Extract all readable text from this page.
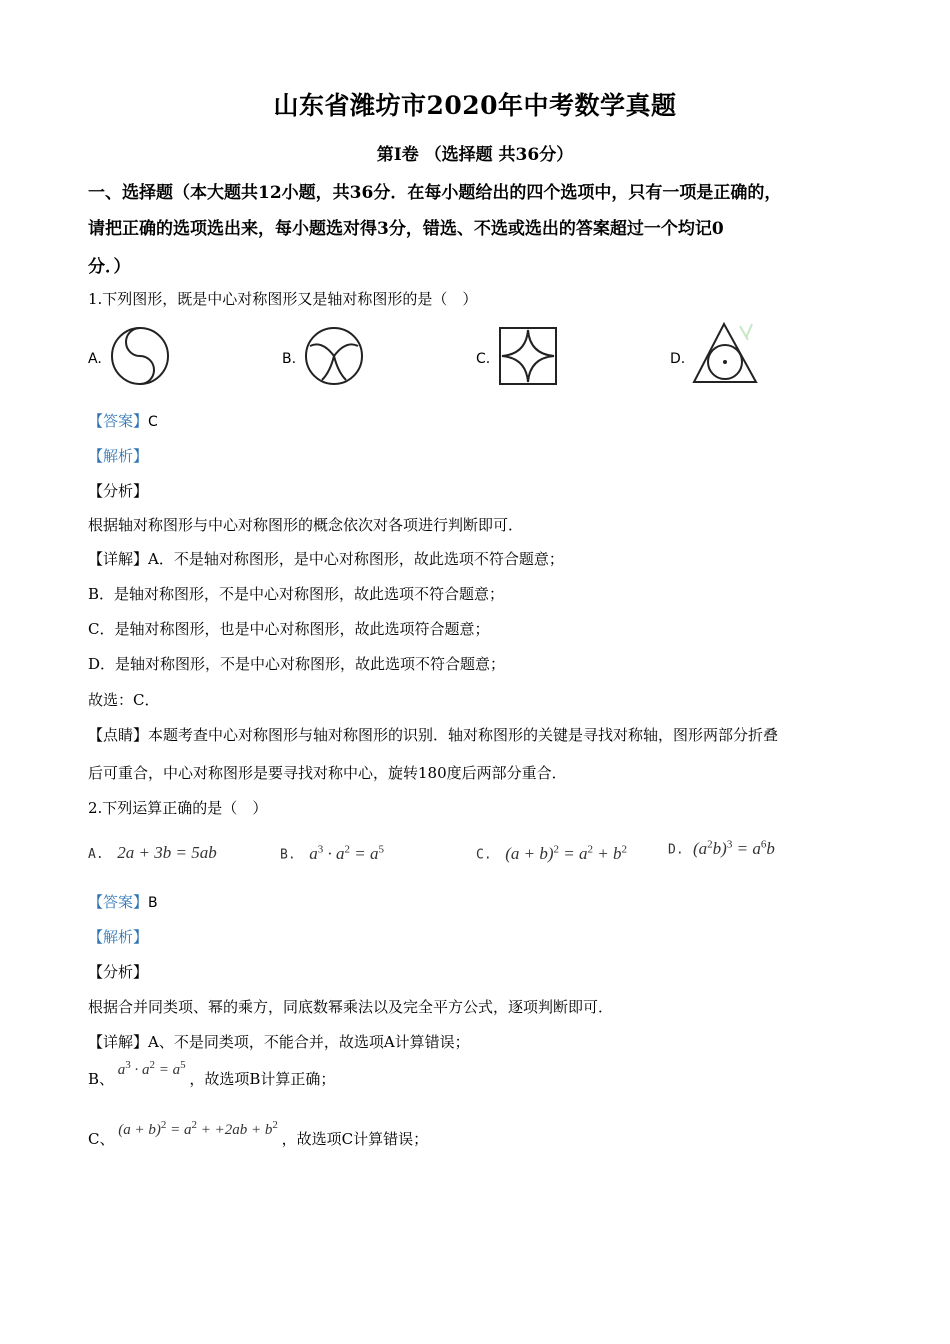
山东省潍坊市2020年中考数学真题
第Ⅰ卷 （选择题 共36分）
一、选择题（本大题共12小题，共36分．在每小题给出的四个选项中，只有一项是正确的，
请把正确的选项选出来，每小题选对得3分，错选、不选或选出的答案超过一个均记0
分．）
1.下列图形，既是中心对称图形又是轴对称图形的是（　）
A.	B.	C.	D.
【答案】C
【解析】
【分析】
根据轴对称图形与中心对称图形的概念依次对各项进行判断即可．
【详解】A．不是轴对称图形，是中心对称图形，故此选项不符合题意；
B．是轴对称图形，不是中心对称图形，故此选项不符合题意；
C．是轴对称图形，也是中心对称图形，故此选项符合题意；
D．是轴对称图形，不是中心对称图形，故此选项不符合题意；
故选：C．
【点睛】本题考查中心对称图形与轴对称图形的识别．轴对称图形的关键是寻找对称轴，图形两部分折叠
后可重合，中心对称图形是要寻找对称中心，旋转180度后两部分重合．
2.下列运算正确的是（　）
A.   2a + 3b = 5ab	B.   $a^3 \cdot a^2 = a^5$	C.   $(a + b)^2 = a^2 + b^2$	D.  $(a^2b)^3 = a^6b$
【答案】B
【解析】
【分析】
根据合并同类项、幂的乘方，同底数幂乘法以及完全平方公式，逐项判断即可．
【详解】A、不是同类项，不能合并，故选项A计算错误；
B、 $a^3 \cdot a^2 = a^5$ ，故选项B计算正确；
C、 $(a + b)^2 = a^2 + +2ab + b^2$ ，故选项C计算错误；
